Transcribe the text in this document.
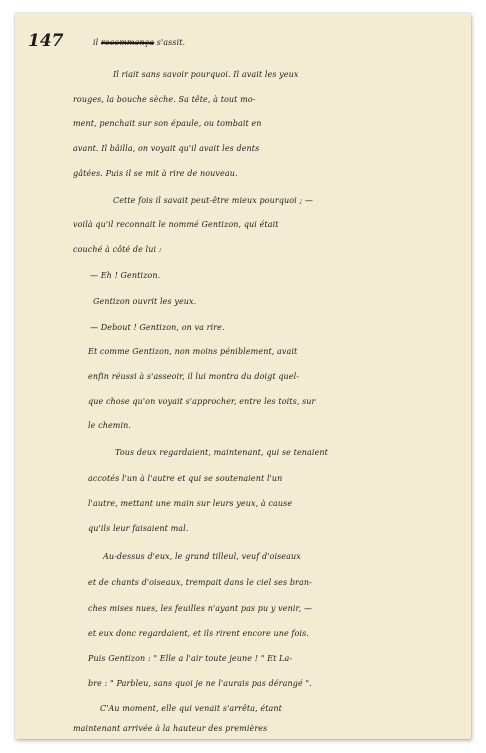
147	il recommença s'assit.
Il riait sans savoir pourquoi. Il avait les yeux
rouges, la bouche sèche. Sa tête, à tout mo-
ment, penchait sur son épaule, ou tombait en
avant. Il bâilla, on voyait qu'il avait les dents
gâtées. Puis il se mit à rire de nouveau.
Cette fois il savait peut-être mieux pourquoi ; —
voilà qu'il reconnait le nommé Gentizon, qui était
couché à côté de lui :
— Eh ! Gentizon.
Gentizon ouvrit les yeux.
— Debout ! Gentizon, on va rire.
Et comme Gentizon, non moins péniblement, avait
enfin réussi à s'asseoir, il lui montra du doigt quel-
que chose qu'on voyait s'approcher, entre les toits, sur
le chemin.
Tous deux regardaient, maintenant, qui se tenaient
accotés l'un à l'autre et qui se soutenaient l'un
l'autre, mettant une main sur leurs yeux, à cause
qu'ils leur faisaient mal.
Au-dessus d'eux, le grand tilleul, veuf d'oiseaux
et de chants d'oiseaux, trempait dans le ciel ses bran-
ches mises nues, les feuilles n'ayant pas pu y venir, —
et eux donc regardaient, et ils rirent encore une fois.
Puis Gentizon : " Elle a l'air toute jeune ! " Et La-
bre : " Parbleu, sans quoi je ne l'aurais pas dérangé ".
C'Au moment, elle qui venait s'arrêta, étant
maintenant arrivée à la hauteur des premières
